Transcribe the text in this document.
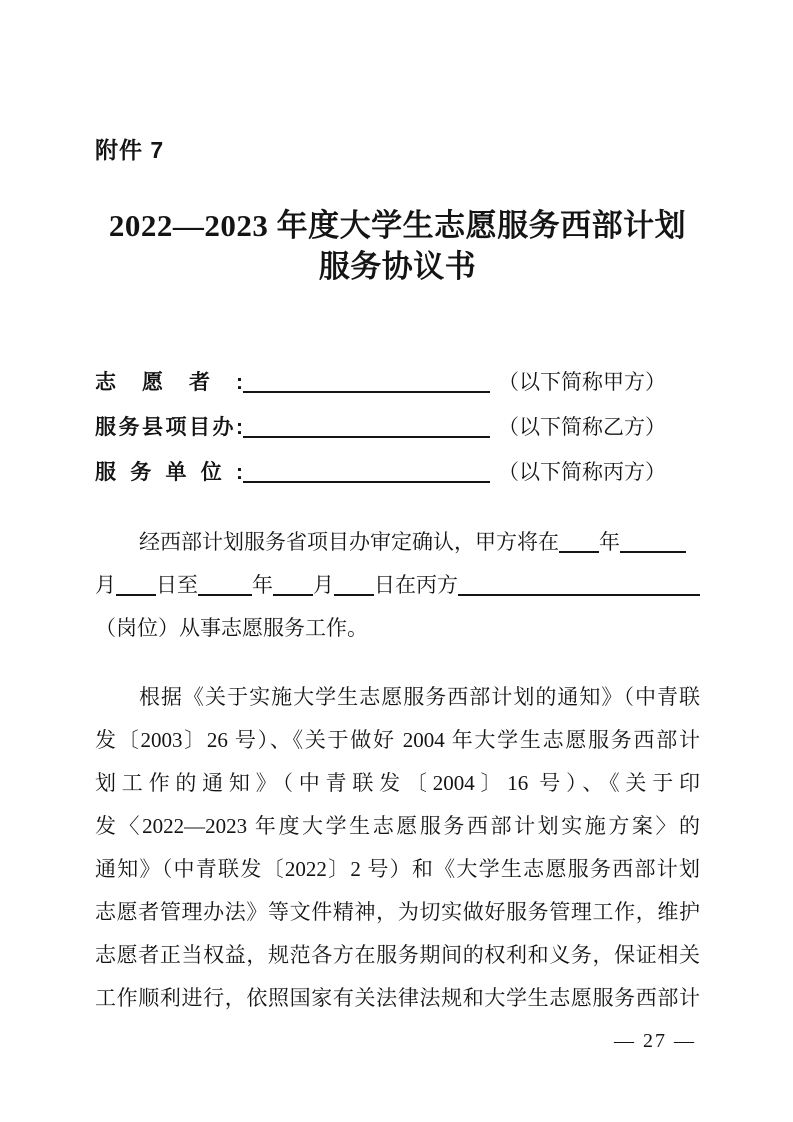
附件 7
2022—2023 年度大学生志愿服务西部计划
服务协议书
志愿者:	（以下简称甲方）
服务县项目办:	（以下简称乙方）
服务单位:	（以下简称丙方）
经西部计划服务省项目办审定确认，甲方将在 年
月 日至	年 月 日在丙方
（岗位）从事志愿服务工作。
根据《关于实施大学生志愿服务西部计划的通知》（中青联
发〔2003〕26 号）、《关于做好 2004 年大学生志愿服务西部计
划工作的通知》（中青联发〔2004〕16 号）、《关于印
发〈2022—2023 年度大学生志愿服务西部计划实施方案〉的
通知》（中青联发〔2022〕2 号）和《大学生志愿服务西部计划
志愿者管理办法》等文件精神，为切实做好服务管理工作，维护
志愿者正当权益，规范各方在服务期间的权利和义务，保证相关
工作顺利进行，依照国家有关法律法规和大学生志愿服务西部计
— 27 —
